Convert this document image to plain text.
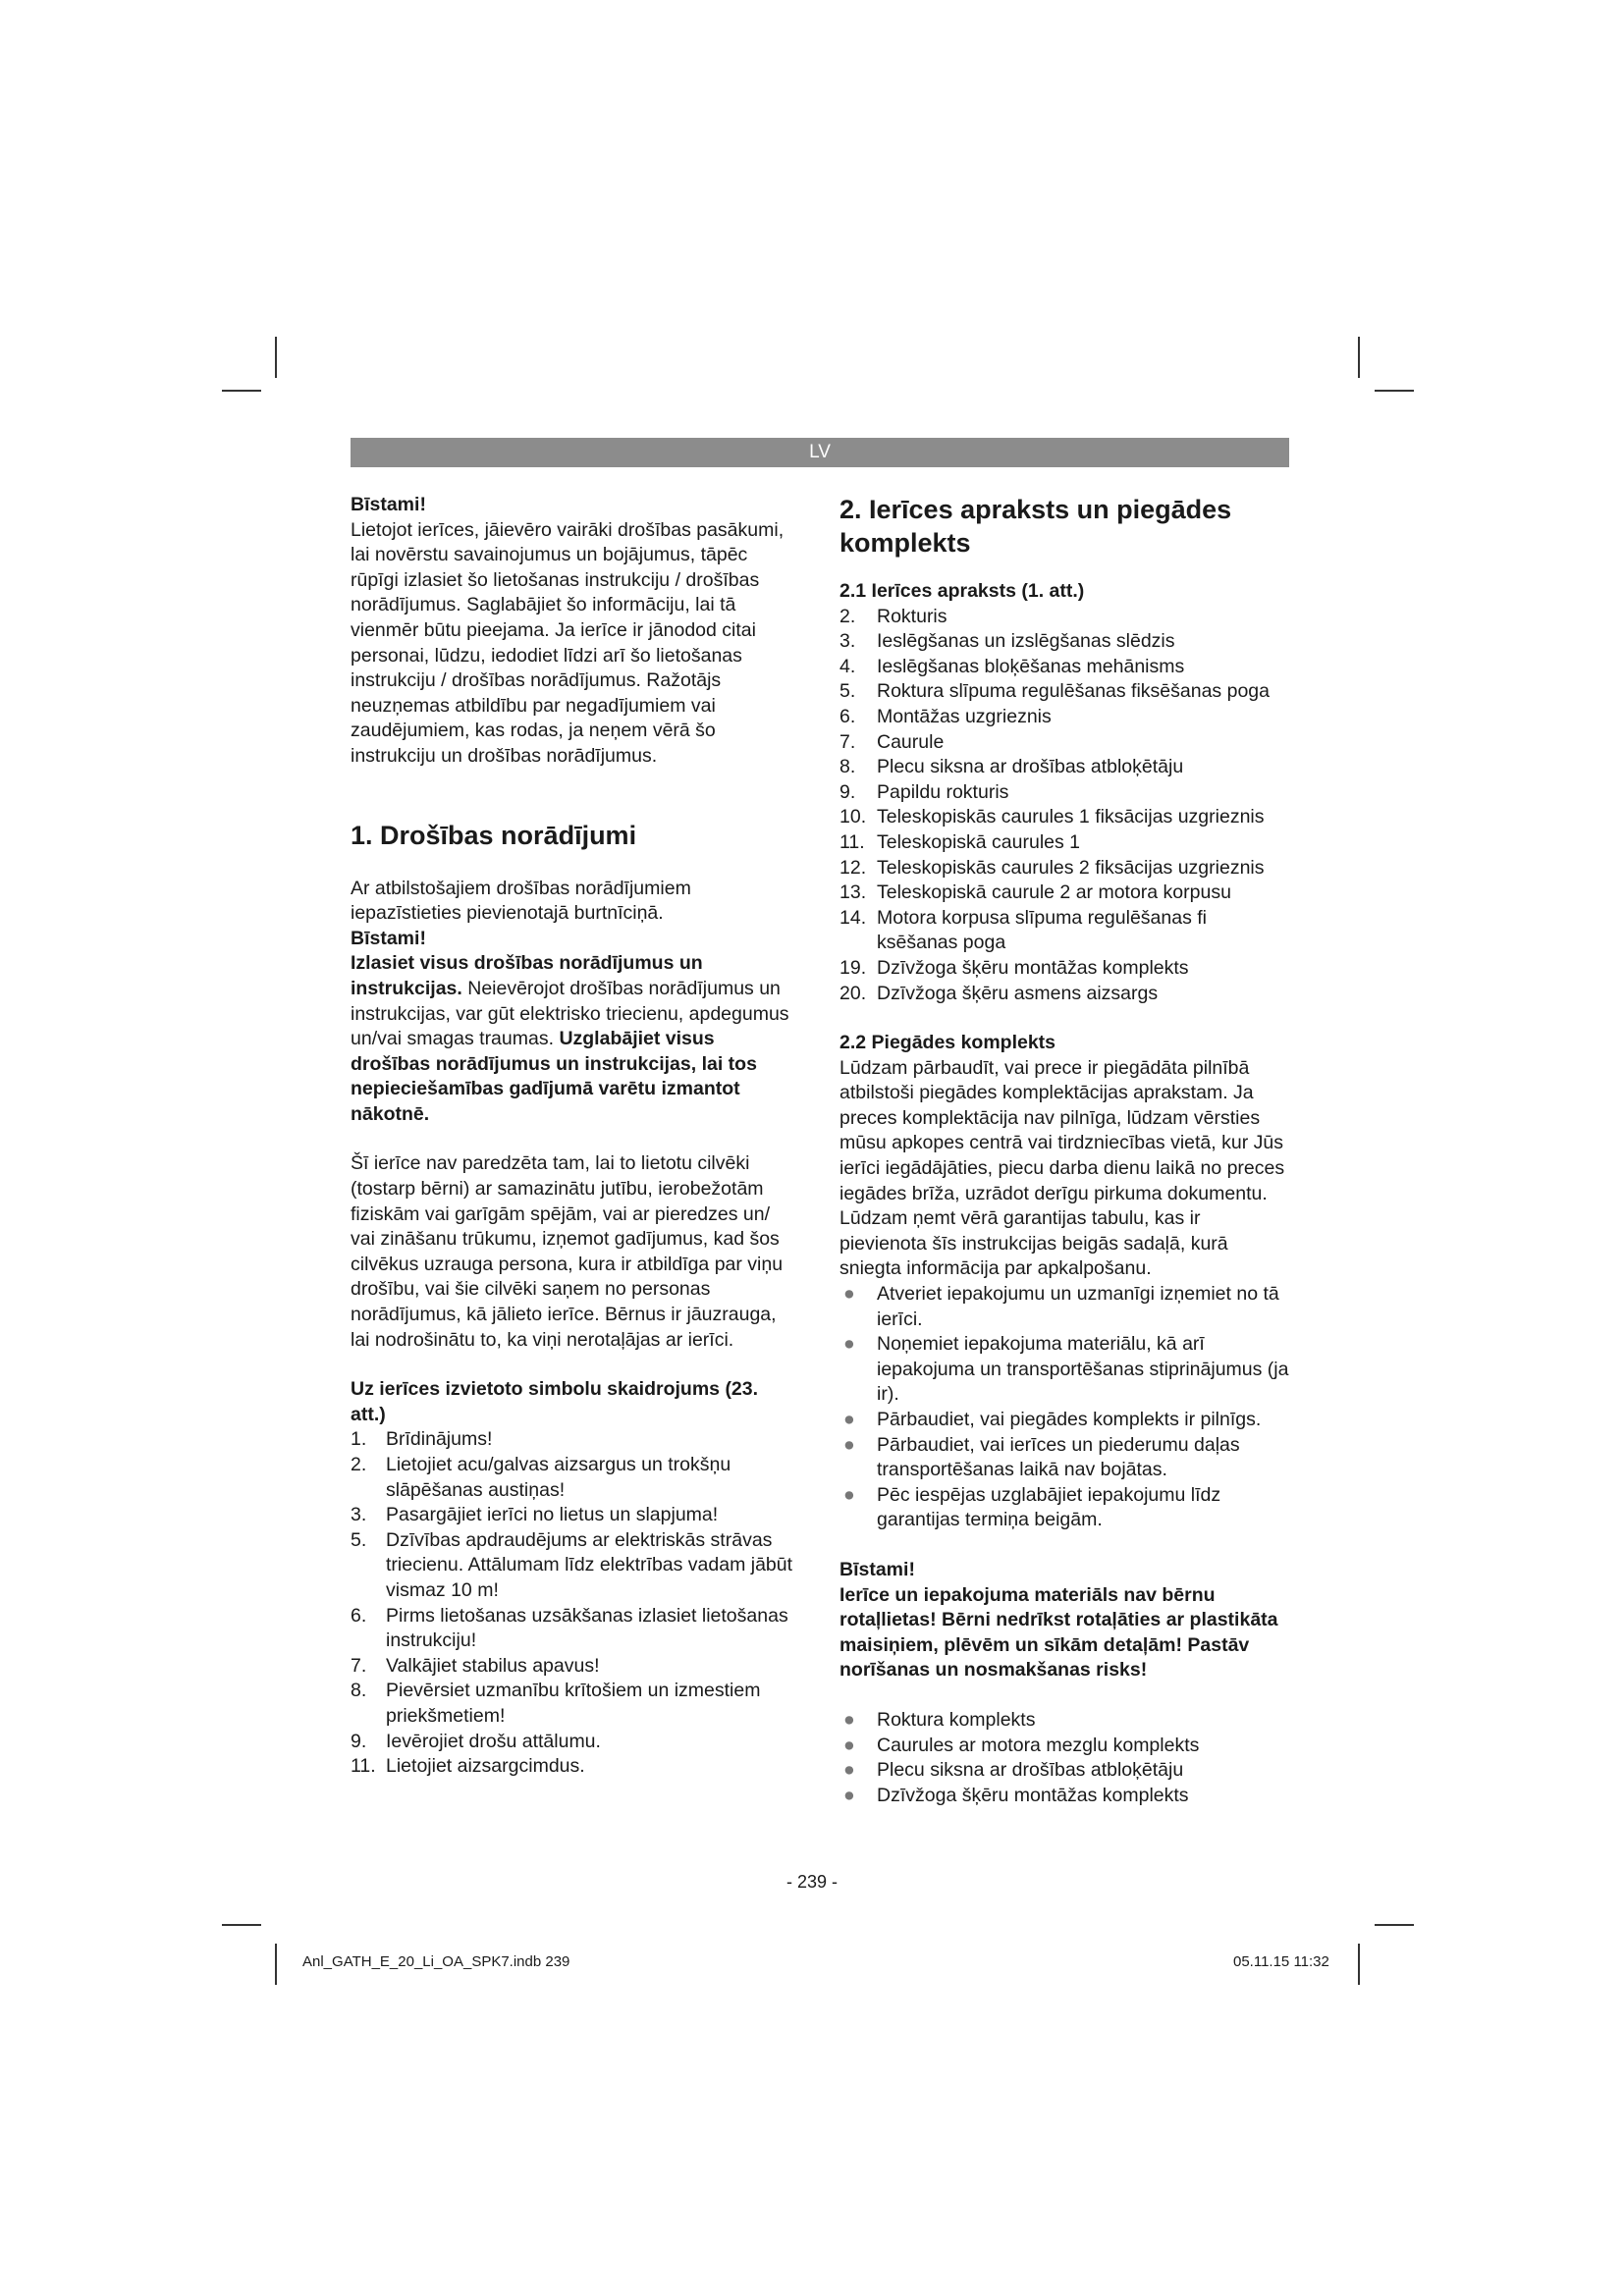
LV

Bīstami!

Lietojot ierīces, jāievēro vairāki drošības pasākumi, lai novērstu savainojumus un bojājumus, tāpēc rūpīgi izlasiet šo lietošanas instrukciju / drošības norādījumus. Saglabājiet šo informāciju, lai tā vienmēr būtu pieejama. Ja ierīce ir jānodod citai personai, lūdzu, iedodiet līdzi arī šo lietošanas instrukciju / drošības norādījumus. Ražotājs neuzņemas atbildību par negadījumiem vai zaudējumiem, kas rodas, ja neņem vērā šo instrukciju un drošības norādījumus.

1. Drošības norādījumi

Ar atbilstošajiem drošības norādījumiem iepazīstieties pievienotajā burtnīciņā.

Bīstami!

Izlasiet visus drošības norādījumus un instrukcijas. Neievērojot drošības norādījumus un instrukcijas, var gūt elektrisko triecienu, apdegumus un/vai smagas traumas. Uzglabājiet visus drošības norādījumus un instrukcijas, lai tos nepieciešamības gadījumā varētu izmantot nākotnē.

Šī ierīce nav paredzēta tam, lai to lietotu cilvēki (tostarp bērni) ar samazinātu jutību, ierobežotām fiziskām vai garīgām spējām, vai ar pieredzes un/ vai zināšanu trūkumu, izņemot gadījumus, kad šos cilvēkus uzrauga persona, kura ir atbildīga par viņu drošību, vai šie cilvēki saņem no personas norādījumus, kā jālieto ierīce. Bērnus ir jāuzrauga, lai nodrošinātu to, ka viņi nerotaļājas ar ierīci.

Uz ierīces izvietoto simbolu skaidrojums (23. att.)

1. Brīdinājums!
2. Lietojiet acu/galvas aizsargus un trokšņu slāpēšanas austiņas!
3. Pasargājiet ierīci no lietus un slapjuma!
5. Dzīvības apdraudējums ar elektriskās strāvas triecienu. Attālumam līdz elektrības vadam jābūt vismaz 10 m!
6. Pirms lietošanas uzsākšanas izlasiet lietošanas instrukciju!
7. Valkājiet stabilus apavus!
8. Pievērsiet uzmanību krītošiem un izmestiem priekšmetiem!
9. Ievērojiet drošu attālumu.
11. Lietojiet aizsargcimdus.
2. Ierīces apraksts un piegādes komplekts

2.1 Ierīces apraksts (1. att.)

2. Rokturis
3. Ieslēgšanas un izslēgšanas slēdzis
4. Ieslēgšanas bloķēšanas mehānisms
5. Roktura slīpuma regulēšanas fiksēšanas poga
6. Montāžas uzgrieznis
7. Caurule
8. Plecu siksna ar drošības atbloķētāju
9. Papildu rokturis
10. Teleskopiskās caurules 1 fiksācijas uzgrieznis
11. Teleskopiskā caurules 1
12. Teleskopiskās caurules 2 fiksācijas uzgrieznis
13. Teleskopiskā caurule 2 ar motora korpusu
14. Motora korpusa slīpuma regulēšanas fi ksēšanas poga
19. Dzīvžoga šķēru montāžas komplekts
20. Dzīvžoga šķēru asmens aizsargs

2.2 Piegādes komplekts

Lūdzam pārbaudīt, vai prece ir piegādāta pilnībā atbilstoši piegādes komplektācijas aprakstam. Ja preces komplektācija nav pilnīga, lūdzam vērsties mūsu apkopes centrā vai tirdzniecības vietā, kur Jūs ierīci iegādājāties, piecu darba dienu laikā no preces iegādes brīža, uzrādot derīgu pirkuma dokumentu. Lūdzam ņemt vērā garantijas tabulu, kas ir pievienota šīs instrukcijas beigās sadaļā, kurā sniegta informācija par apkalpošanu.

● Atveriet iepakojumu un uzmanīgi izņemiet no tā ierīci.
● Noņemiet iepakojuma materiālu, kā arī iepakojuma un transportēšanas stiprinājumus (ja ir).
● Pārbaudiet, vai piegādes komplekts ir pilnīgs.
● Pārbaudiet, vai ierīces un piederumu daļas transportēšanas laikā nav bojātas.
● Pēc iespējas uzglabājiet iepakojumu līdz garantijas termiņa beigām.

Bīstami!

Ierīce un iepakojuma materiāls nav bērnu rotaļlietas! Bērni nedrīkst rotaļāties ar plastikāta maisiņiem, plēvēm un sīkām detaļām! Pastāv norīšanas un nosmakšanas risks!

● Roktura komplekts
● Caurules ar motora mezglu komplekts
● Plecu siksna ar drošības atbloķētāju
● Dzīvžoga šķēru montāžas komplekts
- 239 -
Anl_GATH_E_20_Li_OA_SPK7.indb 239	05.11.15 11:32
